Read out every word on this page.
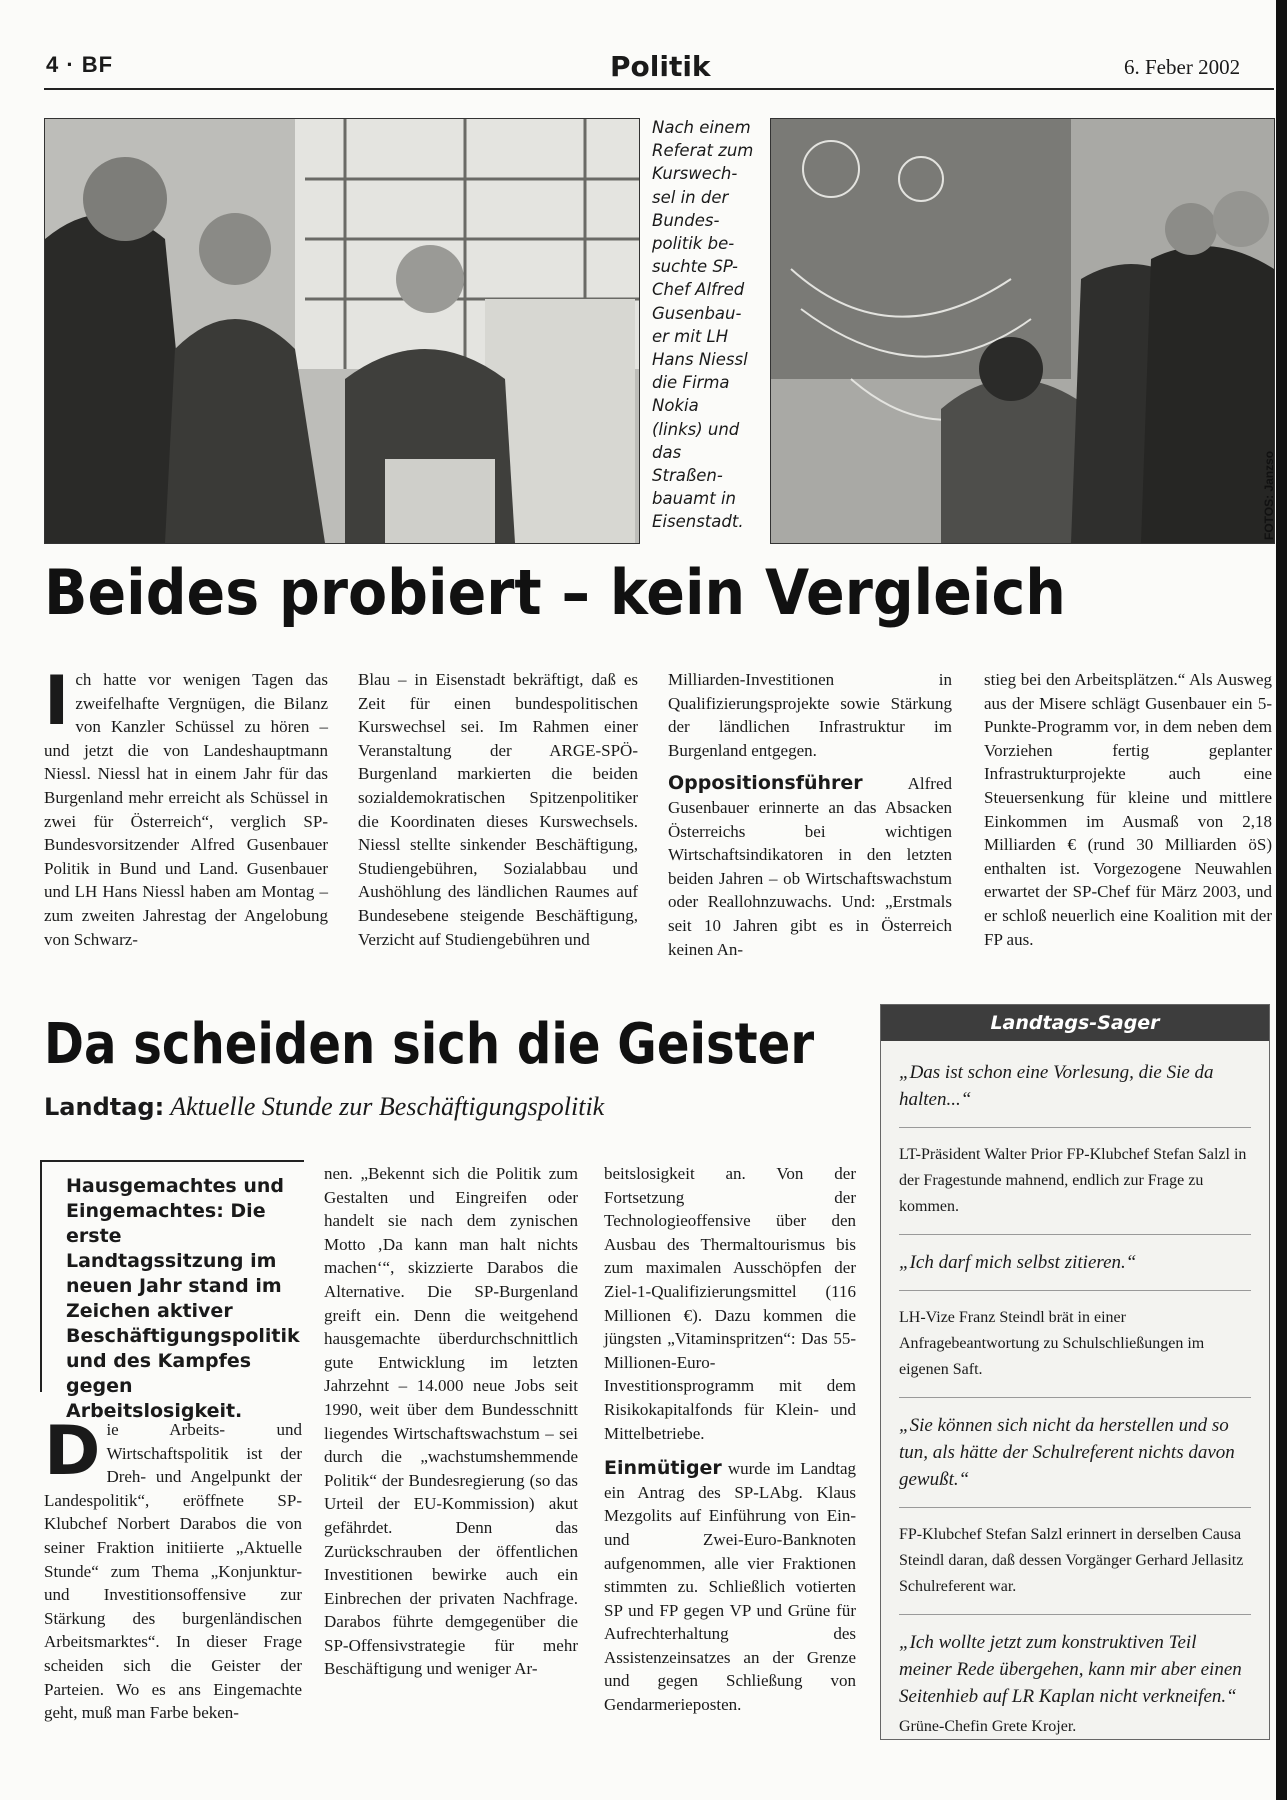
4 · BF	Politik	6. Feber 2002
Nach einem
Referat zum
Kurswech-
sel in der
Bundes-
politik be-
suchte SP-
Chef Alfred
Gusenbau-
er mit LH
Hans Niessl
die Firma
Nokia
(links) und
das
Straßen-
bauamt in
Eisenstadt.	FOTOS: Janzso
Beides probiert – kein Vergleich
I ch hatte vor wenigen Tagen das zweifelhafte Vergnügen, die Bilanz von Kanzler Schüssel zu hören – und jetzt die von Landeshauptmann Niessl. Niessl hat in einem Jahr für das Burgenland mehr erreicht als Schüssel in zwei für Österreich“, verglich SP-Bundesvorsitzender Alfred Gusenbauer Politik in Bund und Land. Gusenbauer und LH Hans Niessl haben am Montag – zum zweiten Jahrestag der Angelobung von Schwarz-
Blau – in Eisenstadt bekräftigt, daß es Zeit für einen bundespolitischen Kurswechsel sei. Im Rahmen einer Veranstaltung der ARGE-SPÖ-Burgenland markierten die beiden sozialdemokratischen Spitzenpolitiker die Koordinaten dieses Kurswechsels. Niessl stellte sinkender Beschäftigung, Studiengebühren, Sozialabbau und Aushöhlung des ländlichen Raumes auf Bundesebene steigende Beschäftigung, Verzicht auf Studiengebühren und
Milliarden-Investitionen in Qualifizierungsprojekte sowie Stärkung der ländlichen Infrastruktur im Burgenland entgegen.
Oppositionsführer Alfred Gusenbauer erinnerte an das Absacken Österreichs bei wichtigen Wirtschaftsindikatoren in den letzten beiden Jahren – ob Wirtschaftswachstum oder Reallohnzuwachs. Und: „Erstmals seit 10 Jahren gibt es in Österreich keinen An-
stieg bei den Arbeitsplätzen.“ Als Ausweg aus der Misere schlägt Gusenbauer ein 5-Punkte-Programm vor, in dem neben dem Vorziehen fertig geplanter Infrastrukturprojekte auch eine Steuersenkung für kleine und mittlere Einkommen im Ausmaß von 2,18 Milliarden € (rund 30 Milliarden öS) enthalten ist. Vorgezogene Neuwahlen erwartet der SP-Chef für März 2003, und er schloß neuerlich eine Koalition mit der FP aus.
Da scheiden sich die Geister
Landtag: Aktuelle Stunde zur Beschäftigungspolitik
Hausgemachtes und Eingemachtes: Die erste Landtagssitzung im neuen Jahr stand im Zeichen aktiver Beschäftigungspolitik und des Kampfes gegen Arbeitslosigkeit.
D ie Arbeits- und Wirtschaftspolitik ist der Dreh- und Angelpunkt der Landespolitik“, eröffnete SP-Klubchef Norbert Darabos die von seiner Fraktion initiierte „Aktuelle Stunde“ zum Thema „Konjunktur- und Investitionsoffensive zur Stärkung des burgenländischen Arbeitsmarktes“. In dieser Frage scheiden sich die Geister der Parteien. Wo es ans Eingemachte geht, muß man Farbe beken-
nen. „Bekennt sich die Politik zum Gestalten und Eingreifen oder handelt sie nach dem zynischen Motto ‚Da kann man halt nichts machen‘“, skizzierte Darabos die Alternative. Die SP-Burgenland greift ein. Denn die weitgehend hausgemachte überdurchschnittlich gute Entwicklung im letzten Jahrzehnt – 14.000 neue Jobs seit 1990, weit über dem Bundesschnitt liegendes Wirtschaftswachstum – sei durch die „wachstumshemmende Politik“ der Bundesregierung (so das Urteil der EU-Kommission) akut gefährdet. Denn das Zurückschrauben der öffentlichen Investitionen bewirke auch ein Einbrechen der privaten Nachfrage. Darabos führte demgegenüber die SP-Offensivstrategie für mehr Beschäftigung und weniger Ar-
beitslosigkeit an. Von der Fortsetzung der Technologieoffensive über den Ausbau des Thermaltourismus bis zum maximalen Ausschöpfen der Ziel-1-Qualifizierungsmittel (116 Millionen €). Dazu kommen die jüngsten „Vitaminspritzen“: Das 55-Millionen-Euro-Investitionsprogramm mit dem Risikokapitalfonds für Klein- und Mittelbetriebe.
Einmütiger wurde im Landtag ein Antrag des SP-LAbg. Klaus Mezgolits auf Einführung von Ein- und Zwei-Euro-Banknoten aufgenommen, alle vier Fraktionen stimmten zu. Schließlich votierten SP und FP gegen VP und Grüne für Aufrechterhaltung des Assistenzeinsatzes an der Grenze und gegen Schließung von Gendarmerieposten.
Landtags-Sager
„Das ist schon eine Vorlesung, die Sie da halten...“
LT-Präsident Walter Prior FP-Klubchef Stefan Salzl in der Fragestunde mahnend, endlich zur Frage zu kommen.
„Ich darf mich selbst zitieren.“
LH-Vize Franz Steindl brät in einer Anfragebeantwortung zu Schulschließungen im eigenen Saft.
„Sie können sich nicht da herstellen und so tun, als hätte der Schulreferent nichts davon gewußt.“
FP-Klubchef Stefan Salzl erinnert in derselben Causa Steindl daran, daß dessen Vorgänger Gerhard Jellasitz Schulreferent war.
„Ich wollte jetzt zum konstruktiven Teil meiner Rede übergehen, kann mir aber einen Seitenhieb auf LR Kaplan nicht verkneifen.“
Grüne-Chefin Grete Krojer.
